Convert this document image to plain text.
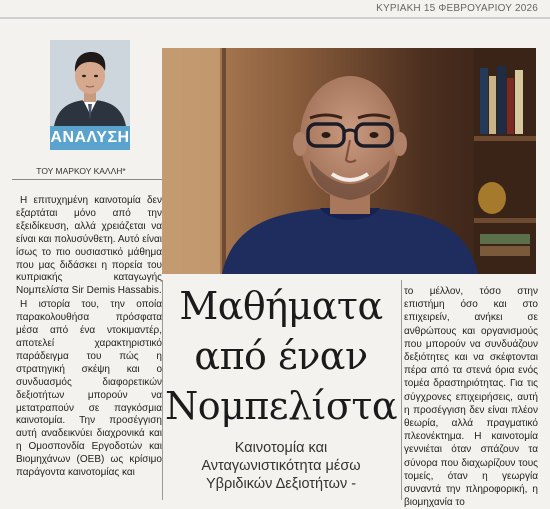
ΚΥΡΙΑΚΗ 15 ΦΕΒΡΟΥΑΡΙΟΥ 2026
ΑΝΑΛΥΣΗ
ΤΟΥ ΜΑΡΚΟΥ ΚΑΛΛΗ*

Η επιτυχημένη καινοτομία δεν εξαρτάται μόνο από την εξειδίκευση, αλλά χρειάζεται να είναι και πολυσύνθετη. Αυτό είναι ίσως το πιο ουσιαστικό μάθημα που μας διδάσκει η πορεία του κυπριακής καταγωγής Νομπελίστα Sir Demis Hassabis.

Η ιστορία του, την οποία παρακολουθήσα πρόσφατα μέσα από ένα ντοκιμαντέρ, αποτελεί χαρακτηριστικό παράδειγμα του πώς η στρατηγική σκέψη και ο συνδυασμός διαφορετικών δεξιοτήτων μπορούν να μετατραπούν σε παγκόσμια καινοτομία. Την προσέγγιση αυτή αναδεικνύει διαχρονικά και η Ομοσπονδία Εργοδοτών και Βιομηχάνων (ΟΕΒ) ως κρίσιμο παράγοντα καινοτομίας και

Μαθήματα
από έναν
Νομπελίστα
Καινοτομία και
Ανταγωνιστικότητα μέσω
Υβριδικών Δεξιοτήτων -
το μέλλον, τόσο στην επιστήμη όσο και στο επιχειρείν, ανήκει σε ανθρώπους και οργανισμούς που μπορούν να συνδυάζουν δεξιότητες και να σκέφτονται πέρα από τα στενά όρια ενός τομέα δραστηριότητας. Για τις σύγχρονες επιχειρήσεις, αυτή η προσέγγιση δεν είναι πλέον θεωρία, αλλά πραγματικό πλεονέκτημα. Η καινοτομία γεννιέται όταν σπάζουν τα σύνορα που διαχωρίζουν τους τομείς, όταν η γεωργία συναντά την πληροφορική, η βιομηχανία το
